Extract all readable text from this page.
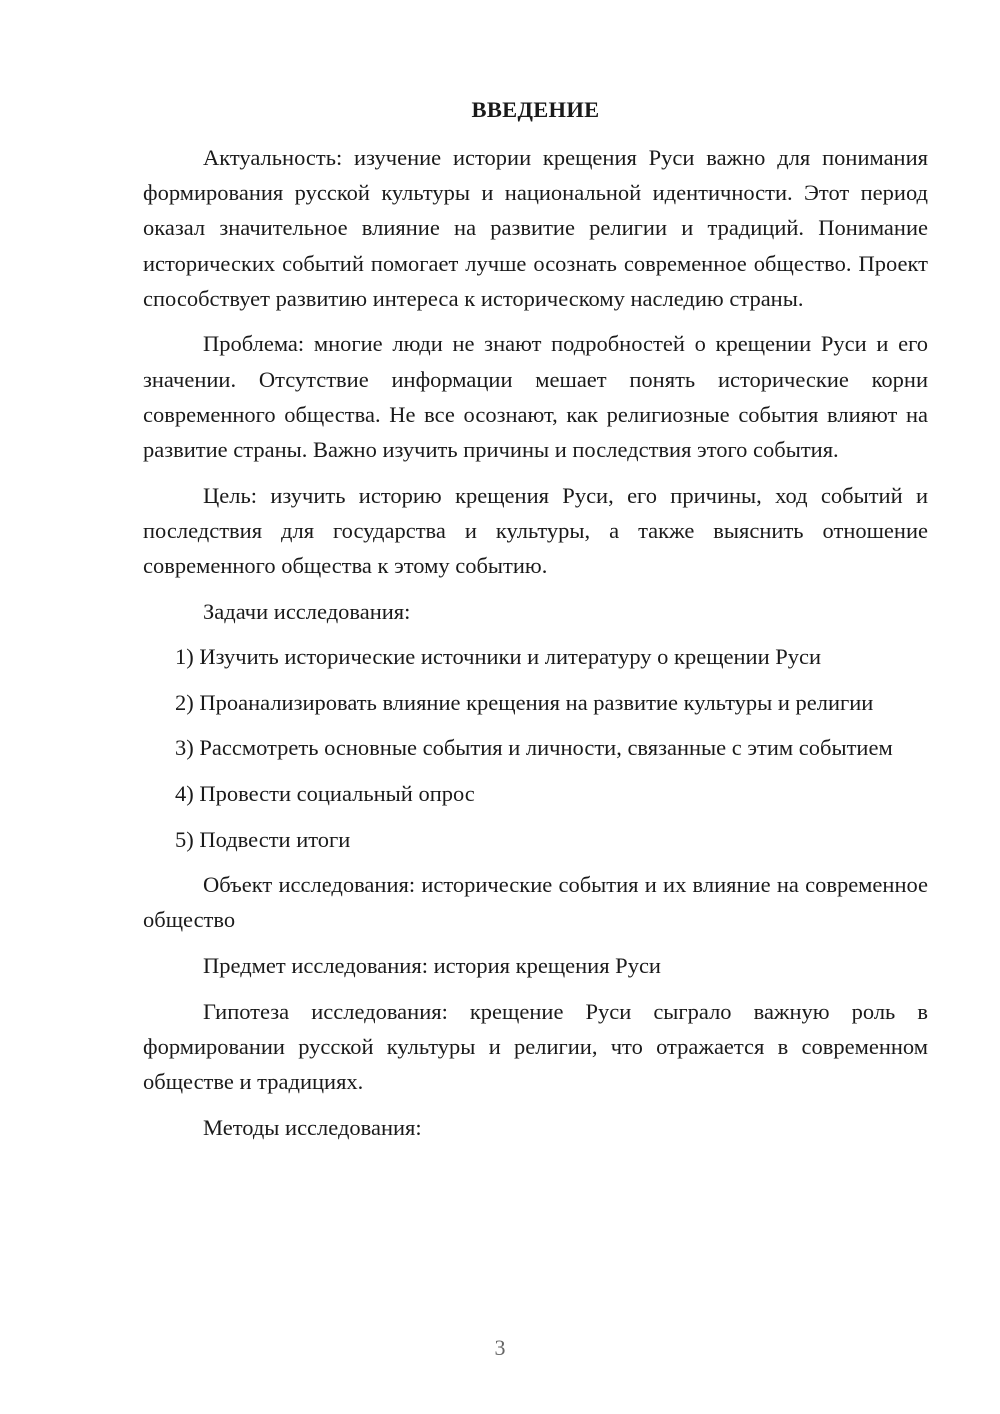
ВВЕДЕНИЕ

Актуальность: изучение истории крещения Руси важно для понимания формирования русской культуры и национальной идентичности. Этот период оказал значительное влияние на развитие религии и традиций. Понимание исторических событий помогает лучше осознать современное общество. Проект способствует развитию интереса к историческому наследию страны.

Проблема: многие люди не знают подробностей о крещении Руси и его значении. Отсутствие информации мешает понять исторические корни современного общества. Не все осознают, как религиозные события влияют на развитие страны. Важно изучить причины и последствия этого события.

Цель: изучить историю крещения Руси, его причины, ход событий и последствия для государства и культуры, а также выяснить отношение современного общества к этому событию.

Задачи исследования:

1) Изучить исторические источники и литературу о крещении Руси

2) Проанализировать влияние крещения на развитие культуры и религии

3) Рассмотреть основные события и личности, связанные с этим событием

4) Провести социальный опрос

5) Подвести итоги

Объект исследования: исторические события и их влияние на современное общество

Предмет исследования: история крещения Руси

Гипотеза исследования: крещение Руси сыграло важную роль в формировании русской культуры и религии, что отражается в современном обществе и традициях.

Методы исследования:

3
